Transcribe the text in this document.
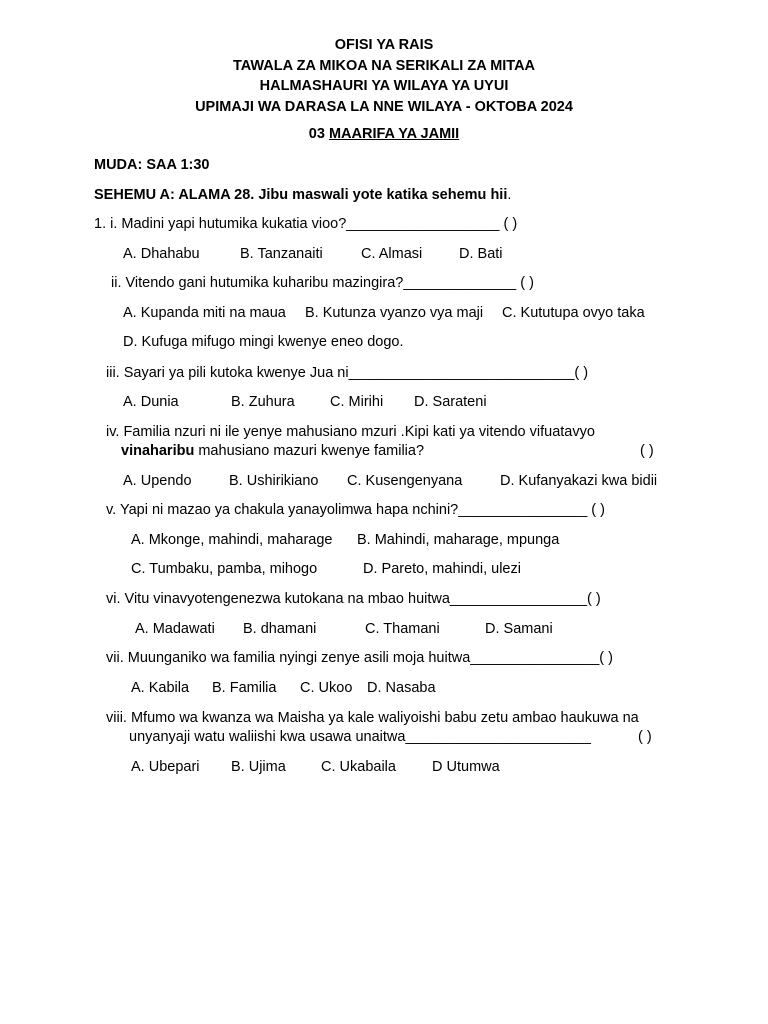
OFISI YA RAIS
TAWALA ZA MIKOA NA SERIKALI ZA MITAA
HALMASHAURI YA WILAYA YA UYUI
UPIMAJI WA DARASA LA NNE WILAYA - OKTOBA 2024
03 MAARIFA YA JAMII
MUDA: SAA 1:30
SEHEMU A: ALAMA 28. Jibu maswali yote katika sehemu hii.
1. i. Madini yapi hutumika kukatia vioo?___________________ ( )
A. Dhahabu	B. Tanzanaiti	C. Almasi	D. Bati
ii. Vitendo gani hutumika kuharibu mazingira?______________ ( )
A. Kupanda miti na maua B. Kutunza vyanzo vya maji C. Kututupa ovyo taka
D. Kufuga mifugo mingi kwenye eneo dogo.
iii. Sayari ya pili kutoka kwenye Jua ni____________________________( )
A. Dunia	B. Zuhura C. Mirihi D. Sarateni
iv. Familia nzuri ni ile yenye mahusiano mzuri .Kipi kati ya vitendo vifuatavyo
vinaharibu mahusiano mazuri kwenye familia?	( )
A. Upendo	B. Ushirikiano C. Kusengenyana	D. Kufanyakazi kwa bidii
v. Yapi ni mazao ya chakula yanayolimwa hapa nchini?________________ ( )
A. Mkonge, mahindi, maharage B. Mahindi, maharage, mpunga
C. Tumbaku, pamba, mihogo	D. Pareto, mahindi, ulezi
vi. Vitu vinavyotengenezwa kutokana na mbao huitwa_________________( )
A. Madawati B. dhamani	C. Thamani	D. Samani
vii. Muunganiko wa familia nyingi zenye asili moja huitwa________________( )
A. Kabila B. Familia C. Ukoo D. Nasaba
viii. Mfumo wa kwanza wa Maisha ya kale waliyoishi babu zetu ambao haukuwa na
unyanyaji watu waliishi kwa usawa unaitwa_______________________	( )
A. Ubepari B. Ujima C. Ukabaila D Utumwa
